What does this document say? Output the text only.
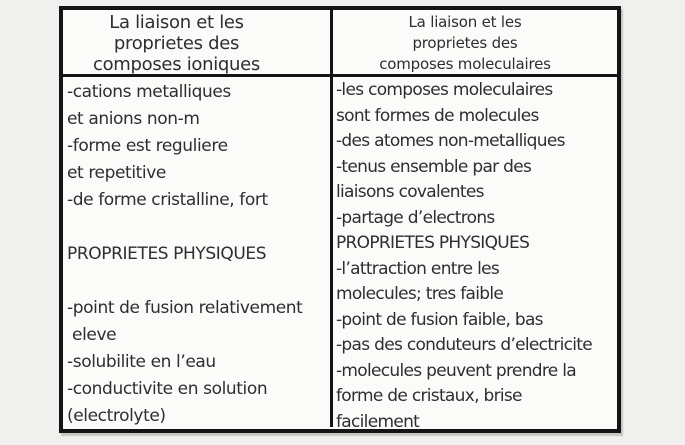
La liaison et les
proprietes des
composes ioniques
La liaison et les
proprietes des
composes moleculaires
-cations metalliques
et anions non-m
-forme est reguliere
et repetitive
-de forme cristalline, fort

PROPRIETES PHYSIQUES

-point de fusion relativement
eleve
-solubilite en l’eau
-conductivite en solution
(electrolyte)
-les composes moleculaires
sont formes de molecules
-des atomes non-metalliques
-tenus ensemble par des
liaisons covalentes
-partage d’electrons
PROPRIETES PHYSIQUES
-l’attraction entre les
molecules; tres faible
-point de fusion faible, bas
-pas des conduteurs d’electricite
-molecules peuvent prendre la
forme de cristaux, brise
facilement
